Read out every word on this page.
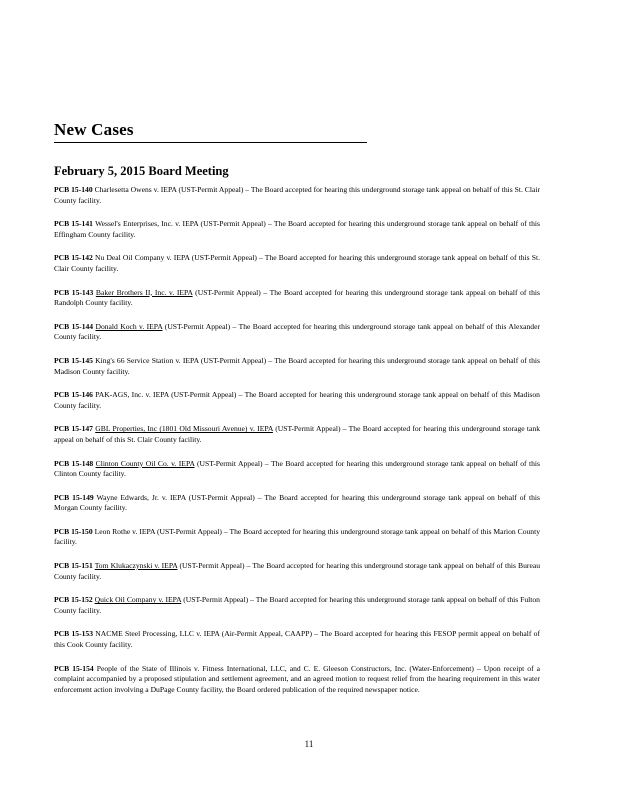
New Cases
February 5, 2015 Board Meeting
PCB 15-140 Charlesetta Owens v. IEPA (UST-Permit Appeal) – The Board accepted for hearing this underground storage tank appeal on behalf of this St. Clair County facility.
PCB 15-141 Wessel's Enterprises, Inc. v. IEPA (UST-Permit Appeal) – The Board accepted for hearing this underground storage tank appeal on behalf of this Effingham County facility.
PCB 15-142 Nu Deal Oil Company v. IEPA (UST-Permit Appeal) – The Board accepted for hearing this underground storage tank appeal on behalf of this St. Clair County facility.
PCB 15-143 Baker Brothers II, Inc. v. IEPA (UST-Permit Appeal) – The Board accepted for hearing this underground storage tank appeal on behalf of this Randolph County facility.
PCB 15-144 Donald Koch v. IEPA (UST-Permit Appeal) – The Board accepted for hearing this underground storage tank appeal on behalf of this Alexander County facility.
PCB 15-145 King's 66 Service Station v. IEPA (UST-Permit Appeal) – The Board accepted for hearing this underground storage tank appeal on behalf of this Madison County facility.
PCB 15-146 PAK-AGS, Inc. v. IEPA (UST-Permit Appeal) – The Board accepted for hearing this underground storage tank appeal on behalf of this Madison County facility.
PCB 15-147 GBL Properties, Inc (1801 Old Missouri Avenue) v. IEPA (UST-Permit Appeal) – The Board accepted for hearing this underground storage tank appeal on behalf of this St. Clair County facility.
PCB 15-148 Clinton County Oil Co. v. IEPA (UST-Permit Appeal) – The Board accepted for hearing this underground storage tank appeal on behalf of this Clinton County facility.
PCB 15-149 Wayne Edwards, Jr. v. IEPA (UST-Permit Appeal) – The Board accepted for hearing this underground storage tank appeal on behalf of this Morgan County facility.
PCB 15-150 Leon Rothe v. IEPA (UST-Permit Appeal) – The Board accepted for hearing this underground storage tank appeal on behalf of this Marion County facility.
PCB 15-151 Tom Klukaczynski v. IEPA (UST-Permit Appeal) – The Board accepted for hearing this underground storage tank appeal on behalf of this Bureau County facility.
PCB 15-152 Quick Oil Company v. IEPA (UST-Permit Appeal) – The Board accepted for hearing this underground storage tank appeal on behalf of this Fulton County facility.
PCB 15-153 NACME Steel Processing, LLC v. IEPA (Air-Permit Appeal, CAAPP) – The Board accepted for hearing this FESOP permit appeal on behalf of this Cook County facility.
PCB 15-154 People of the State of Illinois v. Fitness International, LLC, and C. E. Gleeson Constructors, Inc. (Water-Enforcement) – Upon receipt of a complaint accompanied by a proposed stipulation and settlement agreement, and an agreed motion to request relief from the hearing requirement in this water enforcement action involving a DuPage County facility, the Board ordered publication of the required newspaper notice.
11
